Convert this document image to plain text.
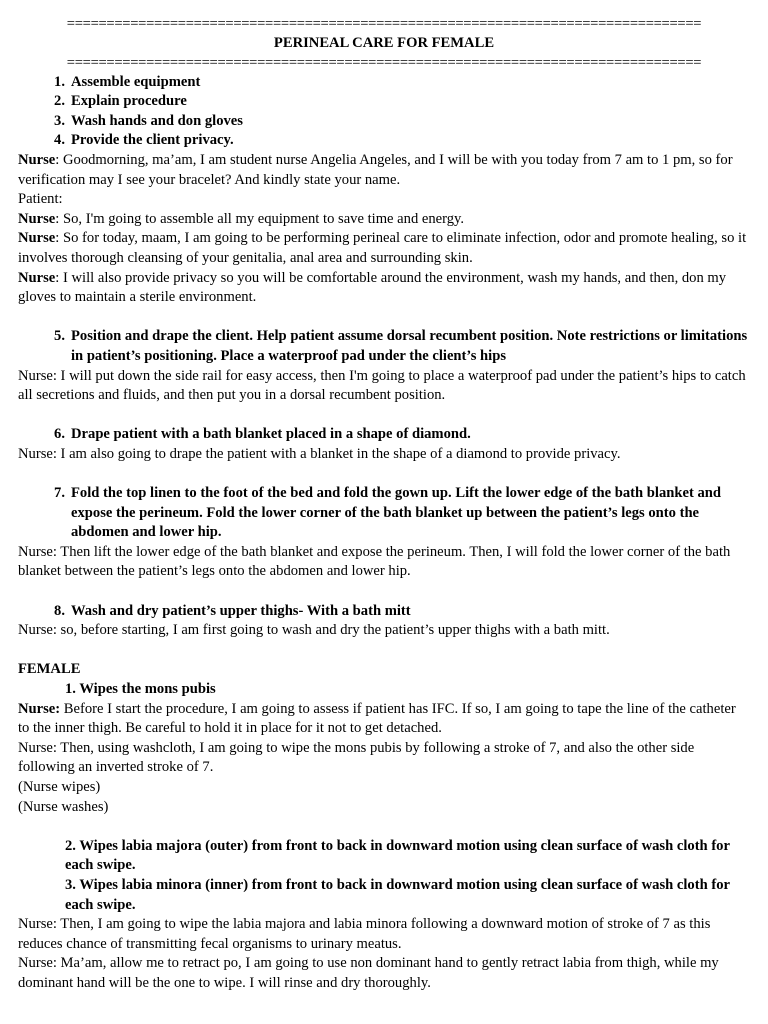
================================================================================
PERINEAL CARE FOR FEMALE
================================================================================
1. Assemble equipment
2. Explain procedure
3. Wash hands and don gloves
4. Provide the client privacy.

Nurse: Goodmorning, ma’am, I am student nurse Angelia Angeles, and I will be with you today from 7 am to 1 pm, so for verification may I see your bracelet? And kindly state your name.

Patient:

Nurse: So, I'm going to assemble all my equipment to save time and energy.

Nurse: So for today, maam, I am going to be performing perineal care to eliminate infection, odor and promote healing, so it involves thorough cleansing of your genitalia, anal area and surrounding skin.

Nurse: I will also provide privacy so you will be comfortable around the environment, wash my hands, and then, don my gloves to maintain a sterile environment.

5. Position and drape the client. Help patient assume dorsal recumbent position. Note restrictions or limitations in patient’s positioning. Place a waterproof pad under the client’s hips

Nurse: I will put down the side rail for easy access, then I'm going to place a waterproof pad under the patient’s hips to catch all secretions and fluids, and then put you in a dorsal recumbent position.

6. Drape patient with a bath blanket placed in a shape of diamond.

Nurse: I am also going to drape the patient with a blanket in the shape of a diamond to provide privacy.

7. Fold the top linen to the foot of the bed and fold the gown up. Lift the lower edge of the bath blanket and expose the perineum. Fold the lower corner of the bath blanket up between the patient’s legs onto the abdomen and lower hip.

Nurse: Then lift the lower edge of the bath blanket and expose the perineum. Then, I will fold the lower corner of the bath blanket between the patient’s legs onto the abdomen and lower hip.

8. Wash and dry patient’s upper thighs- With a bath mitt

Nurse: so, before starting, I am first going to wash and dry the patient’s upper thighs with a bath mitt.

FEMALE

1. Wipes the mons pubis

Nurse: Before I start the procedure, I am going to assess if patient has IFC. If so, I am going to tape the line of the catheter to the inner thigh. Be careful to hold it in place for it not to get detached.

Nurse: Then, using washcloth, I am going to wipe the mons pubis by following a stroke of 7, and also the other side following an inverted stroke of 7.

(Nurse wipes)

(Nurse washes)

2. Wipes labia majora (outer) from front to back in downward motion using clean surface of wash cloth for each swipe.

3. Wipes labia minora (inner) from front to back in downward motion using clean surface of wash cloth for each swipe.

Nurse: Then, I am going to wipe the labia majora and labia minora following a downward motion of stroke of 7 as this reduces chance of transmitting fecal organisms to urinary meatus.

Nurse: Ma’am, allow me to retract po, I am going to use non dominant hand to gently retract labia from thigh, while my dominant hand will be the one to wipe. I will rinse and dry thoroughly.
